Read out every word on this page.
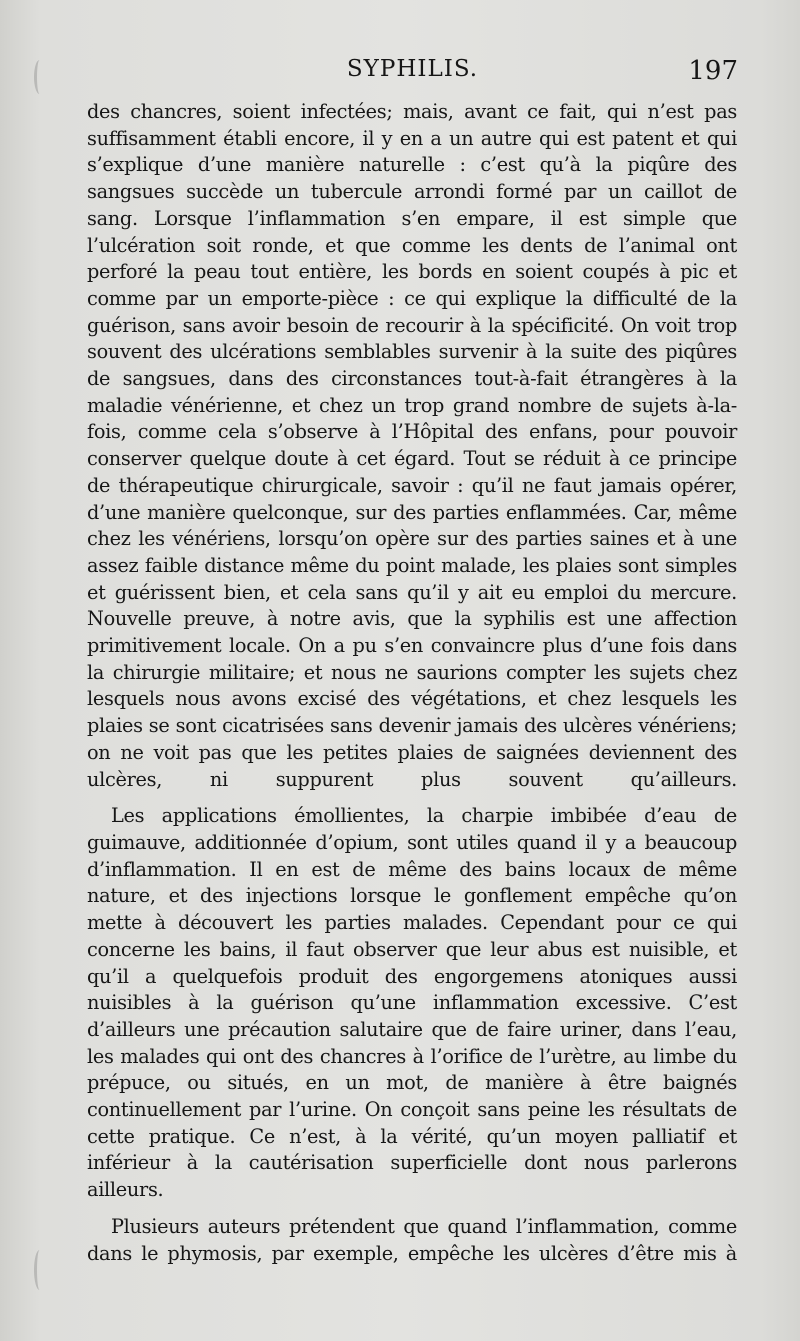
SYPHILIS.	197

des chancres, soient infectées; mais, avant ce fait, qui n’est pas suffisamment établi encore, il y en a un autre qui est patent et qui s’explique d’une manière naturelle : c’est qu’à la piqûre des sangsues succède un tubercule arrondi formé par un caillot de sang. Lorsque l’inflammation s’en empare, il est simple que l’ulcération soit ronde, et que comme les dents de l’animal ont perforé la peau tout entière, les bords en soient coupés à pic et comme par un emporte-pièce : ce qui explique la difficulté de la guérison, sans avoir besoin de recourir à la spécificité. On voit trop souvent des ulcérations semblables survenir à la suite des piqûres de sangsues, dans des circonstances tout-à-fait étrangères à la maladie vénérienne, et chez un trop grand nombre de sujets à-la-fois, comme cela s’observe à l’Hôpital des enfans, pour pouvoir conserver quelque doute à cet égard. Tout se réduit à ce principe de thérapeutique chirurgicale, savoir : qu’il ne faut jamais opérer, d’une manière quelconque, sur des parties enflammées. Car, même chez les vénériens, lorsqu’on opère sur des parties saines et à une assez faible distance même du point malade, les plaies sont simples et guérissent bien, et cela sans qu’il y ait eu emploi du mercure. Nouvelle preuve, à notre avis, que la syphilis est une affection primitivement locale. On a pu s’en convaincre plus d’une fois dans la chirurgie militaire; et nous ne saurions compter les sujets chez lesquels nous avons excisé des végétations, et chez lesquels les plaies se sont cicatrisées sans devenir jamais des ulcères vénériens; on ne voit pas que les petites plaies de saignées deviennent des ulcères, ni suppurent plus souvent qu’ailleurs.

Les applications émollientes, la charpie imbibée d’eau de guimauve, additionnée d’opium, sont utiles quand il y a beaucoup d’inflammation. Il en est de même des bains locaux de même nature, et des injections lorsque le gonflement empêche qu’on mette à découvert les parties malades. Cependant pour ce qui concerne les bains, il faut observer que leur abus est nuisible, et qu’il a quelquefois produit des engorgemens atoniques aussi nuisibles à la guérison qu’une inflammation excessive. C’est d’ailleurs une précaution salutaire que de faire uriner, dans l’eau, les malades qui ont des chancres à l’orifice de l’urètre, au limbe du prépuce, ou situés, en un mot, de manière à être baignés continuellement par l’urine. On conçoit sans peine les résultats de cette pratique. Ce n’est, à la vérité, qu’un moyen palliatif et inférieur à la cautérisation superficielle dont nous parlerons ailleurs.

Plusieurs auteurs prétendent que quand l’inflammation, comme dans le phymosis, par exemple, empêche les ulcères d’être mis à
